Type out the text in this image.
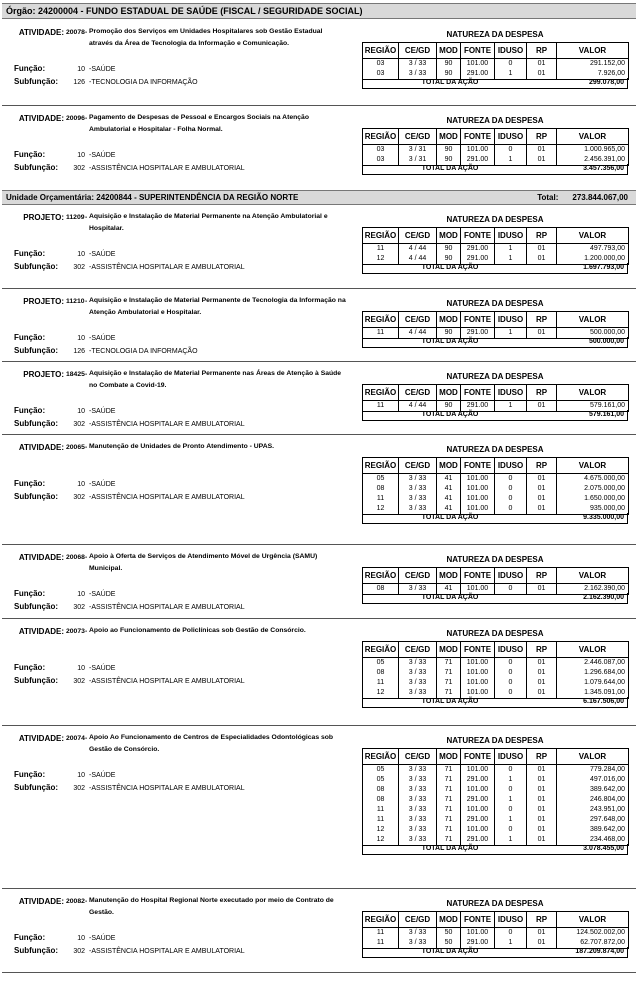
Órgão: 24200004 - FUNDO ESTADUAL DE SAÚDE (FISCAL / SEGURIDADE SOCIAL)
Unidade Orçamentária: 24200844 - SUPERINTENDÊNCIA DA REGIÃO NORTE	Total: 273.844.067,00
ATIVIDADE: 20078 - Promoção dos Serviços em Unidades Hospitalares sob Gestão Estadual através da Área de Tecnologia da Informação e Comunicação.
NATUREZA DA DESPESA
Função:	10 -SAÚDE
Subfunção:	126 -TECNOLOGIA DA INFORMAÇÃO
REGIÃO	CE/GD	MOD	FONTE	IDUSO	RP	VALOR
03	3 / 33	90	101.00	0	01	291.152,00
03	3 / 33	90	291.00	1	01	7.926,00
TOTAL DA AÇÃO	299.078,00
ATIVIDADE: 20096 - Pagamento de Despesas de Pessoal e Encargos Sociais na Atenção Ambulatorial e Hospitalar - Folha Normal.
NATUREZA DA DESPESA
Função:	10 -SAÚDE
Subfunção:	302 -ASSISTÊNCIA HOSPITALAR E AMBULATORIAL
REGIÃO	CE/GD	MOD	FONTE	IDUSO	RP	VALOR
03	3 / 31	90	101.00	0	01	1.000.965,00
03	3 / 31	90	291.00	1	01	2.456.391,00
TOTAL DA AÇÃO	3.457.356,00
PROJETO: 11209 - Aquisição e Instalação de Material Permanente na Atenção Ambulatorial e Hospitalar.
NATUREZA DA DESPESA
Função:	10 -SAÚDE
Subfunção:	302 -ASSISTÊNCIA HOSPITALAR E AMBULATORIAL
REGIÃO	CE/GD	MOD	FONTE	IDUSO	RP	VALOR
11	4 / 44	90	291.00	1	01	497.793,00
12	4 / 44	90	291.00	1	01	1.200.000,00
TOTAL DA AÇÃO	1.697.793,00
PROJETO: 11210 - Aquisição e Instalação de Material Permanente de Tecnologia da Informação na Atenção Ambulatorial e Hospitalar.
NATUREZA DA DESPESA
Função:	10 -SAÚDE
Subfunção:	126 -TECNOLOGIA DA INFORMAÇÃO
REGIÃO	CE/GD	MOD	FONTE	IDUSO	RP	VALOR
11	4 / 44	90	291.00	1	01	500.000,00
TOTAL DA AÇÃO	500.000,00
PROJETO: 18425 - Aquisição e Instalação de Material Permanente nas Áreas de Atenção à Saúde no Combate a Covid-19.
NATUREZA DA DESPESA
Função:	10 -SAÚDE
Subfunção:	302 -ASSISTÊNCIA HOSPITALAR E AMBULATORIAL
REGIÃO	CE/GD	MOD	FONTE	IDUSO	RP	VALOR
11	4 / 44	90	291.00	1	01	579.161,00
TOTAL DA AÇÃO	579.161,00
ATIVIDADE: 20065 - Manutenção de Unidades de Pronto Atendimento - UPAS.	NATUREZA DA DESPESA
Função:	10 -SAÚDE
Subfunção:	302 -ASSISTÊNCIA HOSPITALAR E AMBULATORIAL
REGIÃO	CE/GD	MOD	FONTE	IDUSO	RP	VALOR
05	3 / 33	41	101.00	0	01	4.675.000,00
08	3 / 33	41	101.00	0	01	2.075.000,00
11	3 / 33	41	101.00	0	01	1.650.000,00
12	3 / 33	41	101.00	0	01	935.000,00
TOTAL DA AÇÃO	9.335.000,00
ATIVIDADE: 20068 - Apoio à Oferta de Serviços de Atendimento Móvel de Urgência (SAMU) Municipal.
NATUREZA DA DESPESA
Função:	10 -SAÚDE
Subfunção:	302 -ASSISTÊNCIA HOSPITALAR E AMBULATORIAL
REGIÃO	CE/GD	MOD	FONTE	IDUSO	RP	VALOR
08	3 / 33	41	101.00	0	01	2.162.390,00
TOTAL DA AÇÃO	2.162.390,00
ATIVIDADE: 20073 - Apoio ao Funcionamento de Policlínicas sob Gestão de Consórcio.	NATUREZA DA DESPESA
Função:	10 -SAÚDE
Subfunção:	302 -ASSISTÊNCIA HOSPITALAR E AMBULATORIAL
REGIÃO	CE/GD	MOD	FONTE	IDUSO	RP	VALOR
05	3 / 33	71	101.00	0	01	2.446.087,00
08	3 / 33	71	101.00	0	01	1.296.684,00
11	3 / 33	71	101.00	0	01	1.079.644,00
12	3 / 33	71	101.00	0	01	1.345.091,00
TOTAL DA AÇÃO	6.167.506,00
ATIVIDADE: 20074 - Apoio Ao Funcionamento de Centros de Especialidades Odontológicas sob Gestão de Consórcio.
NATUREZA DA DESPESA
Função:	10 -SAÚDE
Subfunção:	302 -ASSISTÊNCIA HOSPITALAR E AMBULATORIAL
REGIÃO	CE/GD	MOD	FONTE	IDUSO	RP	VALOR
05	3 / 33	71	101.00	0	01	779.284,00
05	3 / 33	71	291.00	1	01	497.016,00
08	3 / 33	71	101.00	0	01	389.642,00
08	3 / 33	71	291.00	1	01	246.804,00
11	3 / 33	71	101.00	0	01	243.951,00
11	3 / 33	71	291.00	1	01	297.648,00
12	3 / 33	71	101.00	0	01	389.642,00
12	3 / 33	71	291.00	1	01	234.468,00
TOTAL DA AÇÃO	3.078.455,00
ATIVIDADE: 20082 - Manutenção do Hospital Regional Norte executado por meio de Contrato de Gestão.
NATUREZA DA DESPESA
Função:	10 -SAÚDE
Subfunção:	302 -ASSISTÊNCIA HOSPITALAR E AMBULATORIAL
REGIÃO	CE/GD	MOD	FONTE	IDUSO	RP	VALOR
11	3 / 33	50	101.00	0	01	124.502.002,00
11	3 / 33	50	291.00	1	01	62.707.872,00
TOTAL DA AÇÃO	187.209.874,00
